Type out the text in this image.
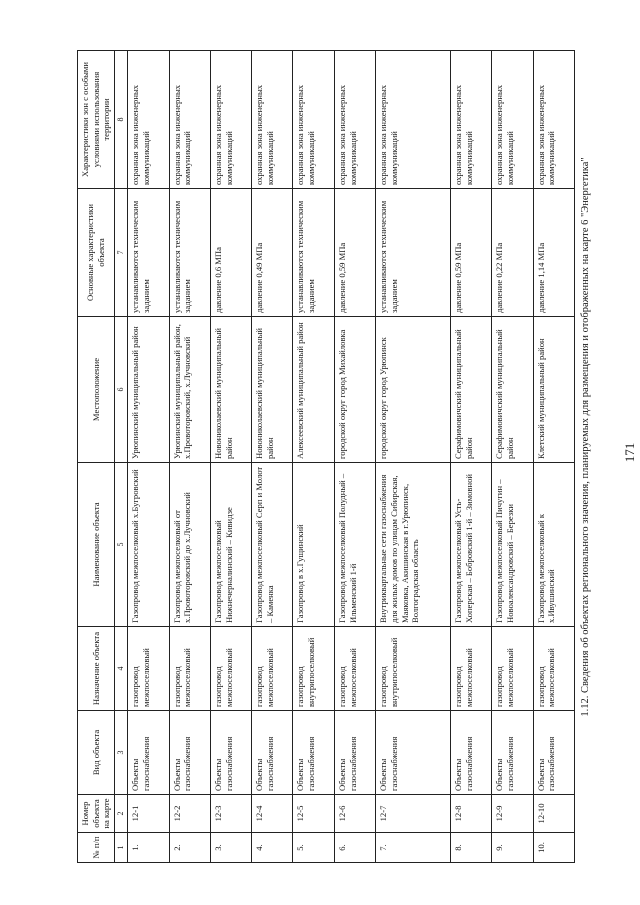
171
1.12. Сведения об объектах регионального значения, планируемых для размещения и отображенных на карте 6 "Энергетика"
№ п/п	Номер объекта на карте	Вид объекта	Назначение объекта	Наименование объекта	Местоположение	Основные характеристики объекта	Характеристики зон с особыми условиями использования территории
1	2	3	4	5	6	7	8
1.	12-1	Объекты газоснабжения	газопровод межпоселковый	Газопровод межпоселковый х.Бугровский	Урюпинский муниципальный район	устанавливаются техническим заданием	охранная зона инженерных коммуникаций
2.	12-2	Объекты газоснабжения	газопровод межпоселковый	Газопровод межпоселковый от х.Провоторовский до х.Лучновский	Урюпинский муниципальный район, х.Провоторовский, х.Лучновский	устанавливаются техническим заданием	охранная зона инженерных коммуникаций
3.	12-3	Объекты газоснабжения	газопровод межпоселковый	Газопровод межпоселковый Нижнечерналинский – Кивидзе	Новониколаевский муниципальный район	давление 0,6 МПа	охранная зона инженерных коммуникаций
4.	12-4	Объекты газоснабжения	газопровод межпоселковый	Газопровод межпоселковый Серп и Молот – Каменка	Новониколаевский муниципальный район	давление 0,49 МПа	охранная зона инженерных коммуникаций
5.	12-5	Объекты газоснабжения	газопровод внутрипоселковый	Газопровод в х.Гущинский	Алексеевский муниципальный район	устанавливаются техническим заданием	охранная зона инженерных коммуникаций
6.	12-6	Объекты газоснабжения	газопровод межпоселковый	Газопровод межпоселковый Полудный – Ильменский 1-й	городской округ город Михайловка	давление 0,59 МПа	охранная зона инженерных коммуникаций
7.	12-7	Объекты газоснабжения	газопровод внутрипоселковый	Внутриквартальные сети газоснабжения для жилых домов по улицам Сибирская, Маяковка, Акишинская в г.Урюпинск, Волгоградская область	городской округ город Урюпинск	устанавливаются техническим заданием	охранная зона инженерных коммуникаций
8.	12-8	Объекты газоснабжения	газопровод межпоселковый	Газопровод межпоселковый Усть-Хоперская – Бобровский 1-й – Зимовной	Серафимовичский муниципальный район	давление 0,59 МПа	охранная зона инженерных коммуникаций
9.	12-9	Объекты газоснабжения	газопровод межпоселковый	Газопровод межпоселковый Пичугин – Новоалександровский – Березки	Серафимовичский муниципальный район	давление 0,22 МПа	охранная зона инженерных коммуникаций
10.	12-10	Объекты газоснабжения	газопровод межпоселковый	Газопровод межпоселковый к х.Ивушинский	Клетский муниципальный район	давление 1,14 МПа	охранная зона инженерных коммуникаций
